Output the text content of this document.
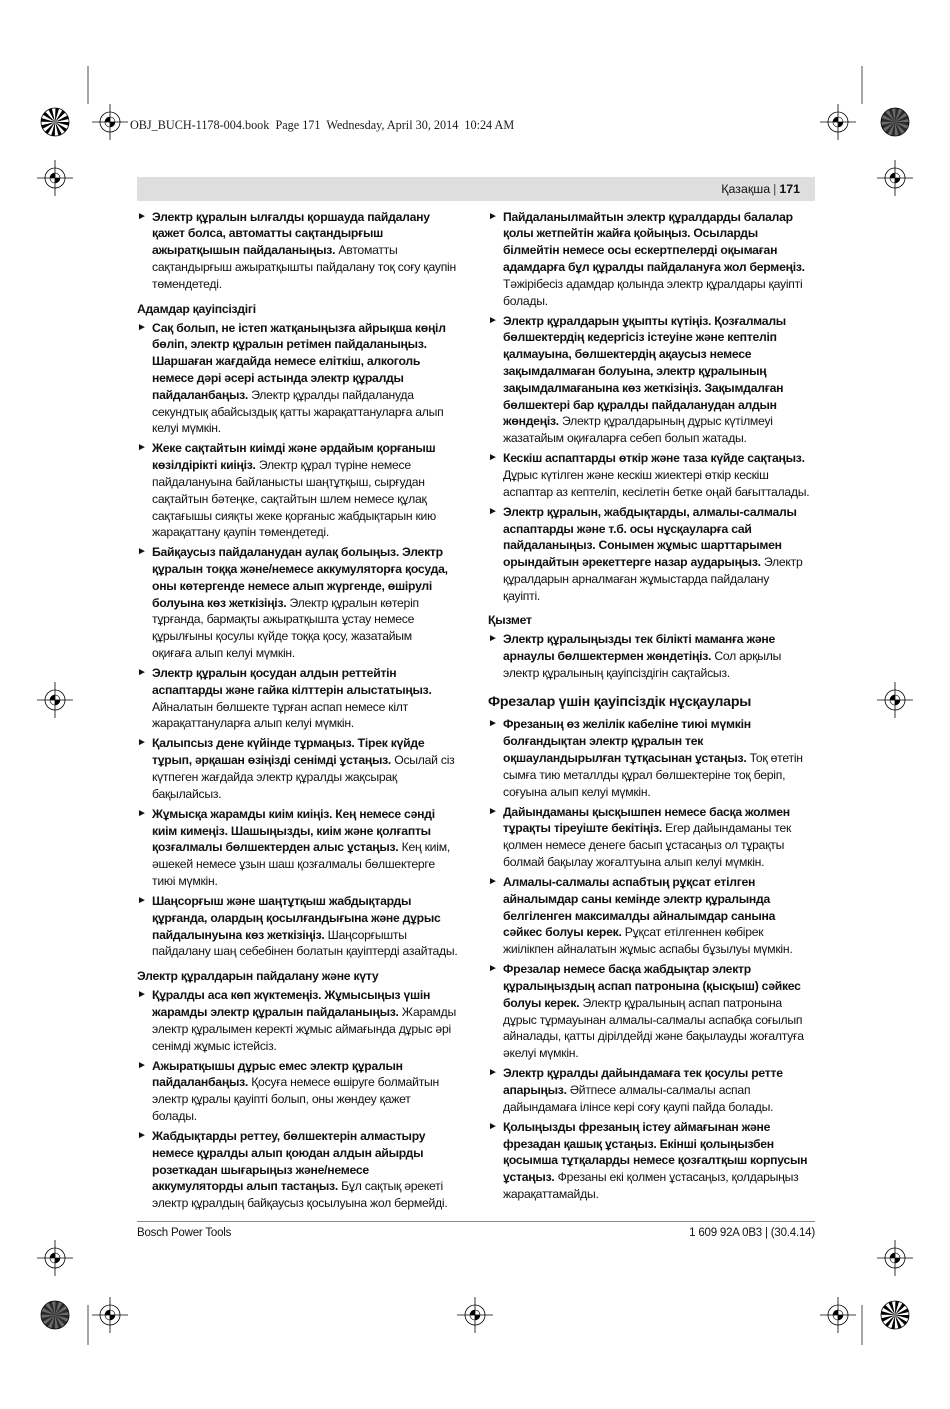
OBJ_BUCH-1178-004.book  Page 171  Wednesday, April 30, 2014  10:24 AM
Қазақша | 171
► Электр құралын ылғалды қоршауда пайдалану
қажет болса, автоматты сақтандырғыш
ажыратқышын пайдаланыңыз. Автоматты
сақтандырғыш ажыратқышты пайдалану тоқ соғу қаупін
төмендетеді.
Адамдар қауіпсіздігі
► Сақ болып, не істеп жатқаныңызға айрықша көңіл
бөліп, электр құралын ретімен пайдаланыңыз.
Шаршаған жағдайда немесе еліткіш, алкоголь
немесе дәрі әсері астында электр құралды
пайдаланбаңыз. Электр құралды пайдалануда
секундтық абайсыздық қатты жарақаттануларға алып
келуі мүмкін.
► Жеке сақтайтын киімді және әрдайым қорғаныш
көзілдірікті киіңіз. Электр құрал түріне немесе
пайдалануына байланысты шаңтұтқыш, сырғудан
сақтайтын бәтеңке, сақтайтын шлем немесе құлақ
сақтағышы сияқты жеке қорғаныс жабдықтарын кию
жарақаттану қаупін төмендетеді.
► Байқаусыз пайдаланудан аулақ болыңыз. Электр
құралын тоққа және/немесе аккумуляторға қосуда,
оны көтергенде немесе алып жүргенде, өшірулі
болуына көз жеткізіңіз. Электр құралын көтеріп
тұрғанда, бармақты ажыратқышта ұстау немесе
құрылғыны қосулы күйде тоққа қосу, жазатайым
оқиғаға алып келуі мүмкін.
► Электр құралын қосудан алдын реттейтін
аспаптарды және гайка кілттерін алыстатыңыз.
Айналатын бөлшекте тұрған аспап немесе кілт
жарақаттануларға алып келуі мүмкін.
► Қалыпсыз дене күйінде тұрмаңыз. Тірек күйде
тұрып, әрқашан өзіңізді сенімді ұстаңыз. Осылай сіз
күтпеген жағдайда электр құралды жақсырақ
бақылайсыз.
► Жұмысқа жарамды киім киіңіз. Кең немесе сәнді
киім кимеңіз. Шашыңызды, киім және қолғапты
қозғалмалы бөлшектерден алыс ұстаңыз. Кең киім,
әшекей немесе ұзын шаш қозғалмалы бөлшектерге
тиюі мүмкін.
► Шаңсорғыш және шаңтұтқыш жабдықтарды
құрғанда, олардың қосылғандығына және дұрыс
пайдалынуына көз жеткізіңіз. Шаңсорғышты
пайдалану шаң себебінен болатын қауіптерді азайтады.
Электр құралдарын пайдалану және күту
► Құралды аса көп жүктемеңіз. Жұмысыңыз үшін
жарамды электр құралын пайдаланыңыз. Жарамды
электр құралымен керекті жұмыс аймағында дұрыс әрі
сенімді жұмыс істейсіз.
► Ажыратқышы дұрыс емес электр құралын
пайдаланбаңыз. Қосуға немесе өшіруге болмайтын
электр құралы қауіпті болып, оны жөндеу қажет
болады.
► Жабдықтарды реттеу, бөлшектерін алмастыру
немесе құралды алып қоюдан алдын айырды
розеткадан шығарыңыз және/немесе
аккумуляторды алып тастаңыз. Бұл сақтық әрекеті
электр құралдың байқаусыз қосылуына жол бермейді.
► Пайдаланылмайтын электр құралдарды балалар
қолы жетпейтін жайға қойыңыз. Осыларды
білмейтін немесе осы ескертпелерді оқымаған
адамдарға бұл құралды пайдалануға жол бермеңіз.
Тәжірібесіз адамдар қолында электр құралдары қауіпті
болады.
► Электр құралдарын ұқыпты күтіңіз. Қозғалмалы
бөлшектердің кедергісіз істеуіне және кептеліп
қалмауына, бөлшектердің ақаусыз немесе
зақымдалмаған болуына, электр құралының
зақымдалмағанына көз жеткізіңіз. Зақымдалған
бөлшектері бар құралды пайдаланудан алдын
жөндеңіз. Электр құралдарының дұрыс күтілмеуі
жазатайым оқиғаларға себеп болып жатады.
► Кескіш аспаптарды өткір және таза күйде сақтаңыз.
Дұрыс күтілген және кескіш жиектері өткір кескіш
аспаптар аз кептеліп, кесілетін бетке оңай бағытталады.
► Электр құралын, жабдықтарды, алмалы-салмалы
аспаптарды және т.б. осы нұсқауларға сай
пайдаланыңыз. Сонымен жұмыс шарттарымен
орындайтын әрекеттерге назар аударыңыз. Электр
құралдарын арналмаған жұмыстарда пайдалану
қауіпті.
Қызмет
► Электр құралыңызды тек білікті маманға және
арнаулы бөлшектермен жөндетіңіз. Сол арқылы
электр құралының қауіпсіздігін сақтайсыз.
Фрезалар үшін қауіпсіздік нұсқаулары
► Фрезаның өз желілік кабеліне тиюі мүмкін
болғандықтан электр құралын тек
оқшауландырылған тұтқасынан ұстаңыз. Тоқ өтетін
сымға тию металлды құрал бөлшектеріне тоқ беріп,
соғуына алып келуі мүмкін.
► Дайындаманы қысқышпен немесе басқа жолмен
тұрақты тіреуіште бекітіңіз. Егер дайындаманы тек
қолмен немесе денеге басып ұстасаңыз ол тұрақты
болмай бақылау жоғалтуына алып келуі мүмкін.
► Алмалы-салмалы аспабтың рұқсат етілген
айналымдар саны кемінде электр құралында
белгіленген максималды айналымдар санына
сәйкес болуы керек. Рұқсат етілгеннен көбірек
жиілікпен айналатын жұмыс аспабы бұзылуы мүмкін.
► Фрезалар немесе басқа жабдықтар электр
құралыңыздың аспап патронына (қысқыш) сәйкес
болуы керек. Электр құралының аспап патронына
дұрыс тұрмауынан алмалы-салмалы аспабқа соғылып
айналады, қатты дірілдейді және бақылауды жоғалтуға
әкелуі мүмкін.
► Электр құралды дайындамаға тек қосулы ретте
апарыңыз. Әйтпесе алмалы-салмалы аспап
дайындамаға ілінсе кері соғу қаупі пайда болады.
► Қолыңызды фрезаның істеу аймағынан және
фрезадан қашық ұстаңыз. Екінші қолыңызбен
қосымша тұтқаларды немесе қозғалтқыш корпусын
ұстаңыз. Фрезаны екі қолмен ұстасаңыз, қолдарыңыз
жарақаттамайды.
Bosch Power Tools	1 609 92A 0B3 | (30.4.14)
